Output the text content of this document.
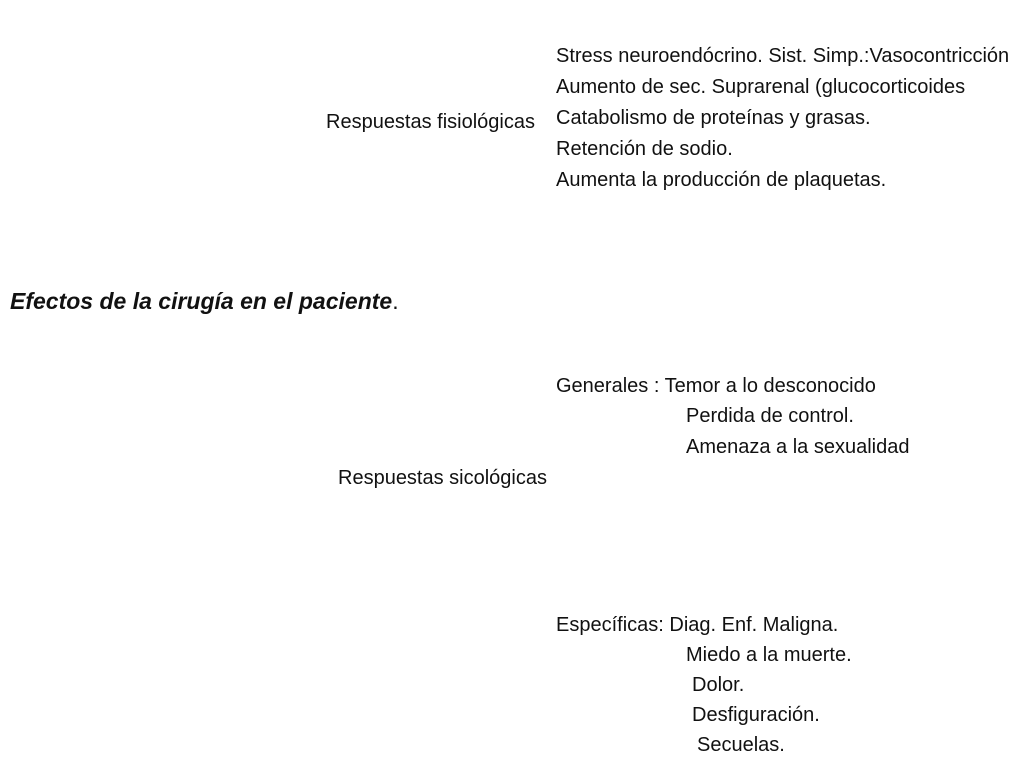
Respuestas fisiológicas
Stress neuroendócrino. Sist. Simp.:Vasocontricción
Aumento de sec. Suprarenal (glucocorticoides
Catabolismo de proteínas y grasas.
Retención de sodio.
Aumenta la producción de plaquetas.
Efectos de la cirugía en el paciente.
Respuestas sicológicas
Generales : Temor a lo desconocido
Perdida de control.
Amenaza a la sexualidad
Específicas: Diag. Enf. Maligna.
Miedo a la muerte.
Dolor.
Desfiguración.
Secuelas.
